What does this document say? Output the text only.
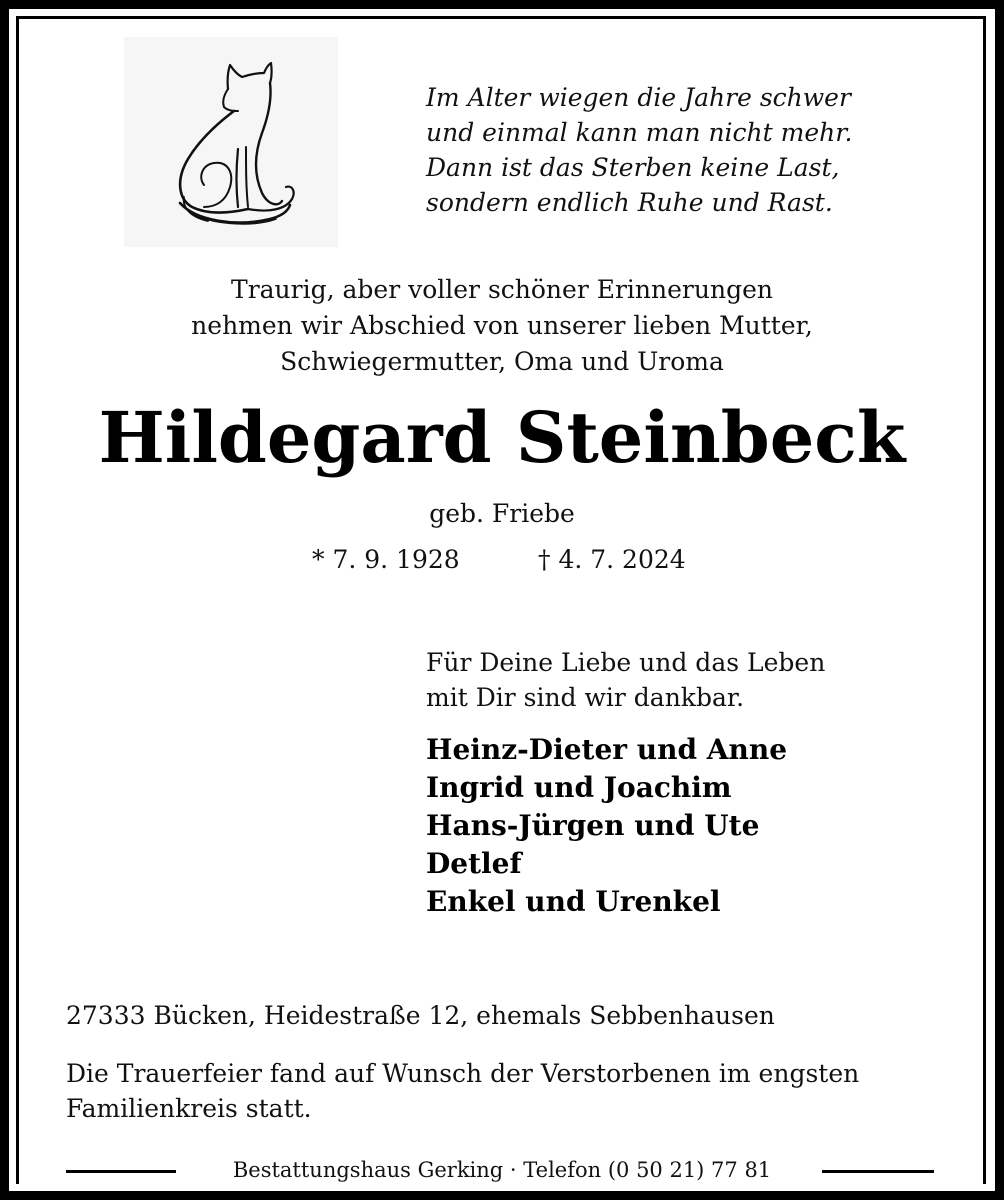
Im Alter wiegen die Jahre schwer
und einmal kann man nicht mehr.
Dann ist das Sterben keine Last,
sondern endlich Ruhe und Rast.
Traurig, aber voller schöner Erinnerungen
nehmen wir Abschied von unserer lieben Mutter,
Schwiegermutter, Oma und Uroma
Hildegard Steinbeck
geb. Friebe
* 7. 9. 1928	† 4. 7. 2024
Für Deine Liebe und das Leben
mit Dir sind wir dankbar.
Heinz-Dieter und Anne
Ingrid und Joachim
Hans-Jürgen und Ute
Detlef
Enkel und Urenkel
27333 Bücken, Heidestraße 12, ehemals Sebbenhausen
Die Trauerfeier fand auf Wunsch der Verstorbenen im engsten
Familienkreis statt.
Bestattungshaus Gerking · Telefon (0 50 21) 77 81
